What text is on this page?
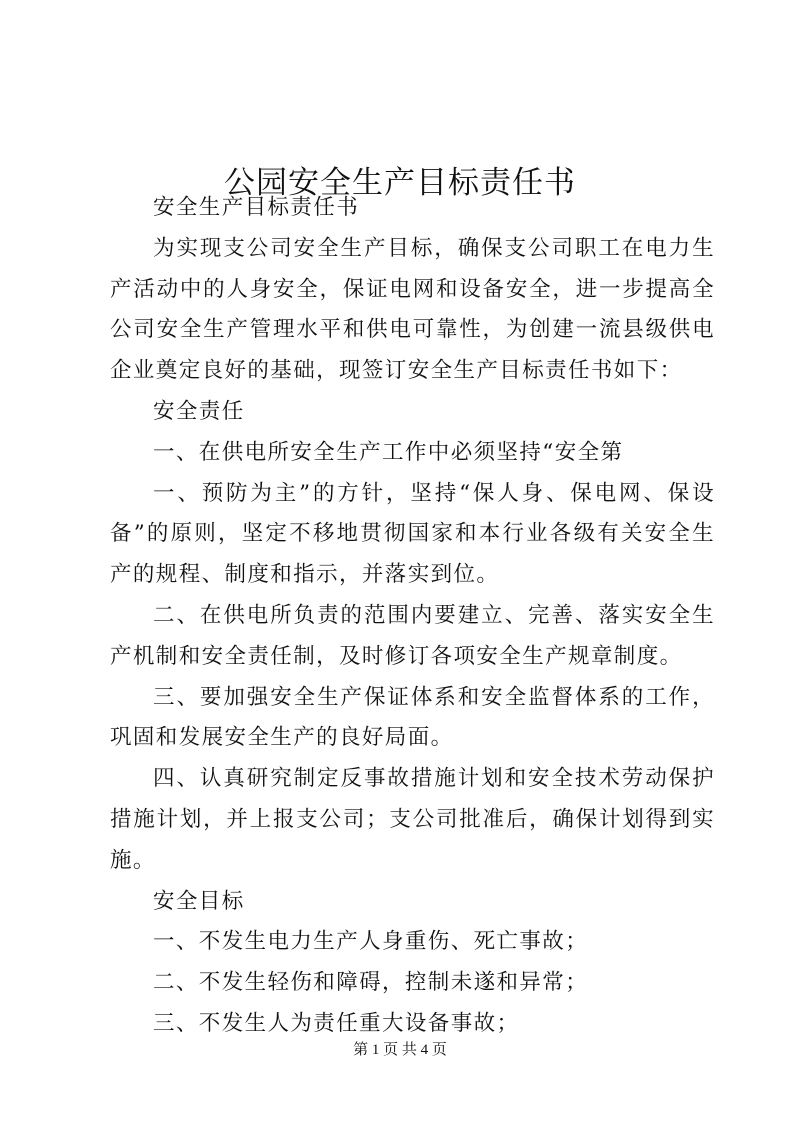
公园安全生产目标责任书

安全生产目标责任书

为实现支公司安全生产目标，确保支公司职工在电力生产活动中的人身安全，保证电网和设备安全，进一步提高全公司安全生产管理水平和供电可靠性，为创建一流县级供电企业奠定良好的基础，现签订安全生产目标责任书如下：

安全责任

一、在供电所安全生产工作中必须坚持“安全第

一、预防为主”的方针，坚持“保人身、保电网、保设备”的原则，坚定不移地贯彻国家和本行业各级有关安全生产的规程、制度和指示，并落实到位。

二、在供电所负责的范围内要建立、完善、落实安全生产机制和安全责任制，及时修订各项安全生产规章制度。

三、要加强安全生产保证体系和安全监督体系的工作，巩固和发展安全生产的良好局面。

四、认真研究制定反事故措施计划和安全技术劳动保护措施计划，并上报支公司；支公司批准后，确保计划得到实施。

安全目标

一、不发生电力生产人身重伤、死亡事故；

二、不发生轻伤和障碍，控制未遂和异常；

三、不发生人为责任重大设备事故；

第 1 页 共 4 页
